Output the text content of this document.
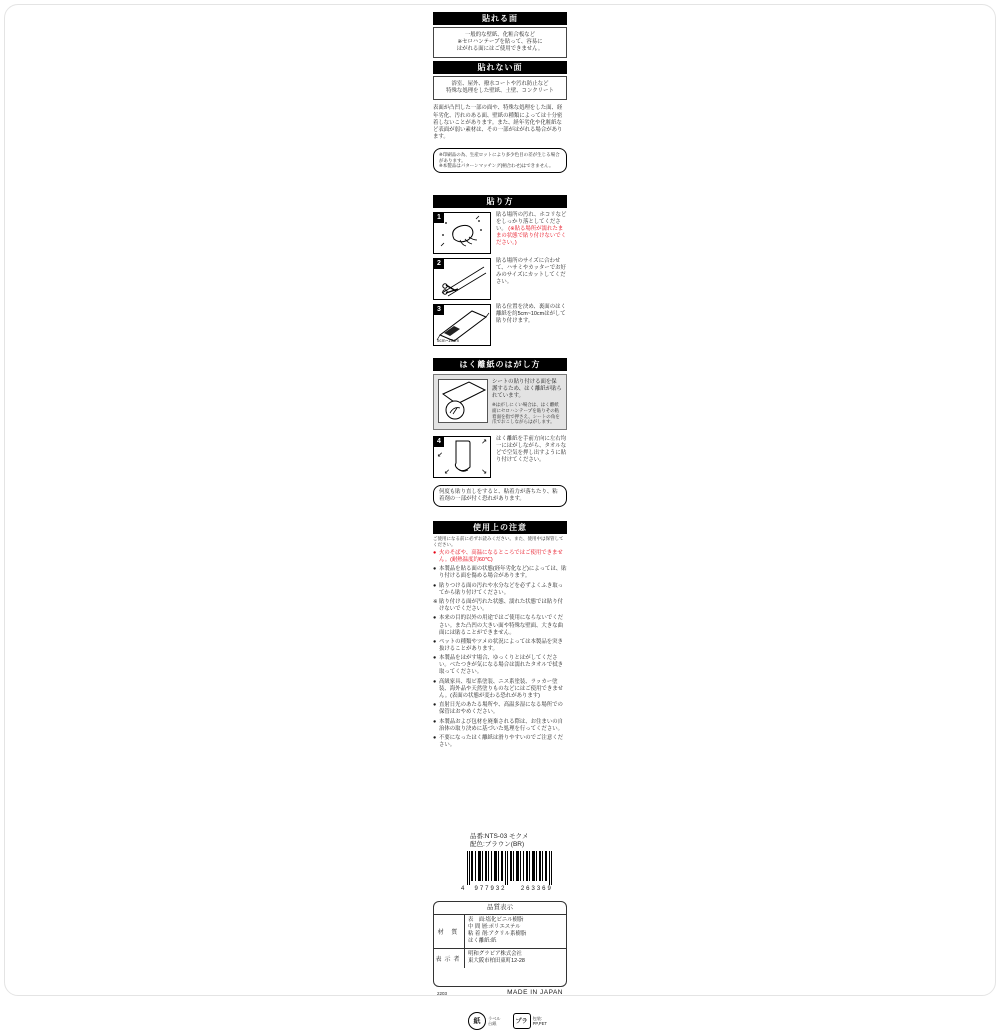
貼れる面
一般的な壁紙、化粧合板など
※セロハンテープを貼って、容易に
はがれる面にはご使用できません。
貼れない面
浴室、屋外、撥水コートや汚れ防止など
特殊な処理をした壁紙、土壁、コンクリート
表面が凸凹した一部の面や、特殊な処理をした面、経年劣化、汚れのある面、壁紙の種類によっては十分密着しないことがあります。また、経年劣化や化粧紙など表面が弱い素材は、その一部がはがれる場合があります。
※印刷品の為、生産ロットにより多少色目の差が生じる場合があります。
※本製品はパターンマッチング(柄合わせ)はできません。
貼り方
1	貼る場所の汚れ、ホコリなどをしっかり落としてください。 (※貼る場所が濡れたままの状態で貼り付けないでください。)
2	貼る場所のサイズに合わせて、ハサミやカッターでお好みのサイズにカットしてください。
3
5cm~10cm
貼る位置を決め、裏面のはく離紙を約5cm~10cmはがして貼り付けます。
はく離紙のはがし方
シートの貼り付ける面を保護するため、はく離紙が貼られています。
※はがしにくい場合は、はく離紙面にセロハンテープを貼りその粘着面を指で押さえ、シートの角を爪でおこしながらはがします。
4	↗
↙
↙	↘
はく離紙を手前方向に左右均一にはがしながら、タオルなどで空気を押し出すように貼り付けてください。
何度も貼り直しをすると、粘着力が落ちたり、粘着剤の一部が付く恐れがあります。
使用上の注意
ご使用になる前に必ずお読みください。また、使用中は保管してください。
● 火のそばや、高温になるところではご使用できません。(耐熱温度約60℃)
● 本製品を貼る面の状態(経年劣化など)によっては、貼り付ける面を傷める場合があります。
● 貼りつける面の汚れや水分などを必ずよくふき取ってから貼り付けてください。
※ 貼り付ける面が汚れた状態、濡れた状態では貼り付けないでください。
● 本来の目的以外の用途ではご使用にならないでください。また凸凹の大きい面や特殊な壁面、大きな曲面には貼ることができません。
● ペットの種類やツメの状況によっては本製品を突き抜けることがあります。
● 本製品をはがす場合、ゆっくりとはがしてください。べたつきが気になる場合は濡れたタオルで拭き取ってください。
● 高級家具、塩ビ系塗装、ニス系塗装、ラッカー塗装、海外品や天然塗りものなどにはご使用できません。(表面の状態が変わる恐れがあります)
● 直射日光のあたる場所や、高温多湿になる場所での保管はおやめください。
● 本製品および包材を廃棄される際は、お住まいの自治体の取り決めに基づいた処理を行ってください。
● 不要になったはく離紙は滑りやすいのでご注意ください。
品番:NTS-03 モクメ
配色:ブラウン(BR)
4	977932	263369
品質表示
材 質
表　面:塩化ビニル樹脂
中 間 層:ポリエステル
粘 着 剤:アクリル系樹脂
はく離紙:紙
表示者
明和グラビア株式会社
東大阪市柏田東町12-28
2203	MADE IN JAPAN
紙	ラベル
台紙	プラ
包装:
PP,PET
